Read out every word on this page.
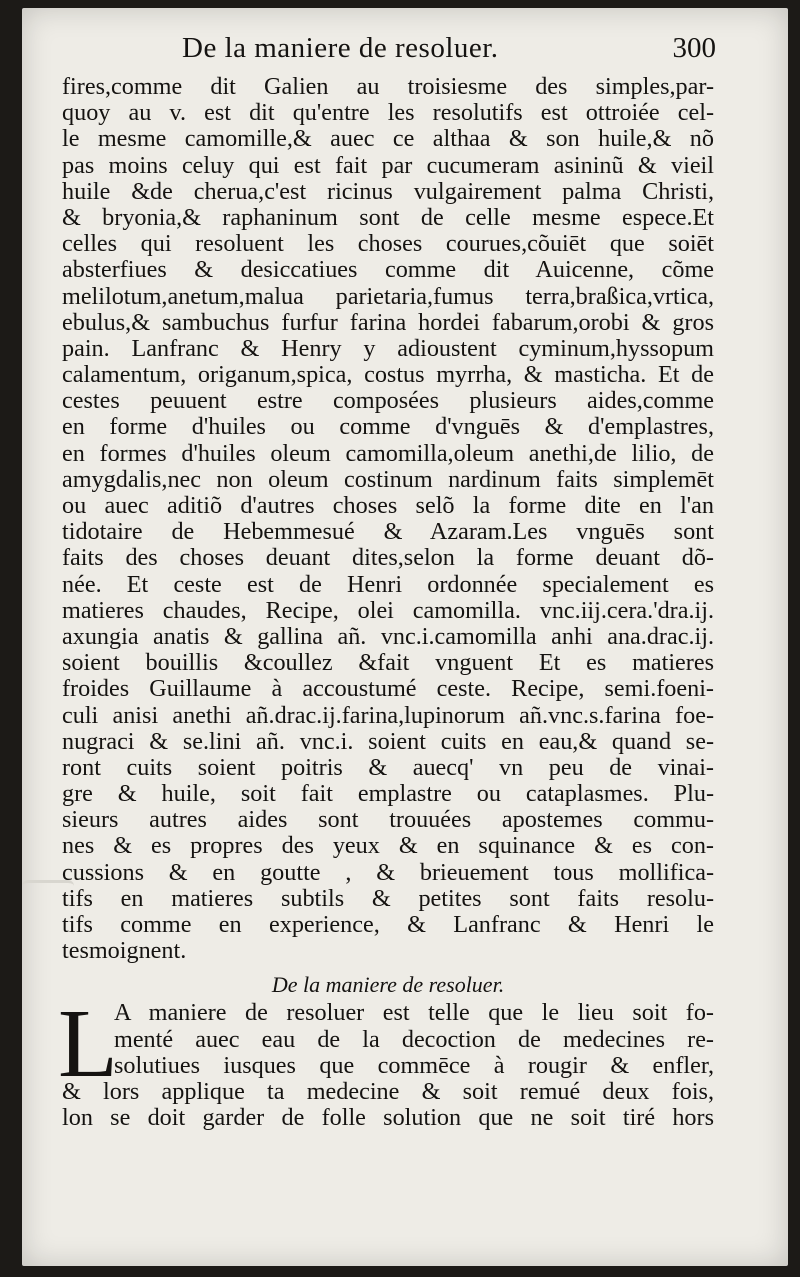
De la maniere de resoluer.	300
fires,comme dit Galien au troisiesme des simples,par-
quoy au v. est dit qu'entre les resolutifs est ottroiée cel-
le mesme camomille,& auec ce althaa & son huile,& nõ
pas moins celuy qui est fait par cucumeram asininũ & vieil
huile &de cherua,c'est ricinus vulgairement palma Christi,
& bryonia,& raphaninum sont de celle mesme espece.Et
celles qui resoluent les choses courues,cõuiēt que soiēt
absterfiues & desiccatiues comme dit Auicenne, cõme
melilotum,anetum,malua parietaria,fumus terra,braßica,vrtica,
ebulus,& sambuchus furfur farina hordei fabarum,orobi & gros
pain. Lanfranc & Henry y adioustent cyminum,hyssopum
calamentum, origanum,spica, costus myrrha, & masticha. Et de
cestes peuuent estre composées plusieurs aides,comme
en forme d'huiles ou comme d'vnguēs & d'emplastres,
en formes d'huiles oleum camomilla,oleum anethi,de lilio, de
amygdalis,nec non oleum costinum nardinum faits simplemēt
ou auec aditiõ d'autres choses selõ la forme dite en l'an
tidotaire de Hebemmesué & Azaram.Les vnguēs sont
faits des choses deuant dites,selon la forme deuant dõ-
née. Et ceste est de Henri ordonnée specialement es
matieres chaudes, Recipe, olei camomilla. vnc.iij.cera.'dra.ij.
axungia anatis & gallina añ. vnc.i.camomilla anhi ana.drac.ij.
soient bouillis &coullez &fait vnguent Et es matieres
froides Guillaume à accoustumé ceste. Recipe, semi.foeni-
culi anisi anethi añ.drac.ij.farina,lupinorum añ.vnc.s.farina foe-
nugraci & se.lini añ. vnc.i. soient cuits en eau,& quand se-
ront cuits soient poitris & auecq' vn peu de vinai-
gre & huile, soit fait emplastre ou cataplasmes. Plu-
sieurs autres aides sont trouuées apostemes commu-
nes & es propres des yeux & en squinance & es con-
cussions & en goutte , & brieuement tous mollifica-
tifs en matieres subtils & petites sont faits resolu-
tifs comme en experience, & Lanfranc & Henri le
tesmoignent.
De la maniere de resoluer.
L
A maniere de resoluer est telle que le lieu soit fo-
menté auec eau de la decoction de medecines re-
solutiues iusques que commēce à rougir & enfler,
& lors applique ta medecine & soit remué deux fois,
lon se doit garder de folle solution que ne soit tiré hors
